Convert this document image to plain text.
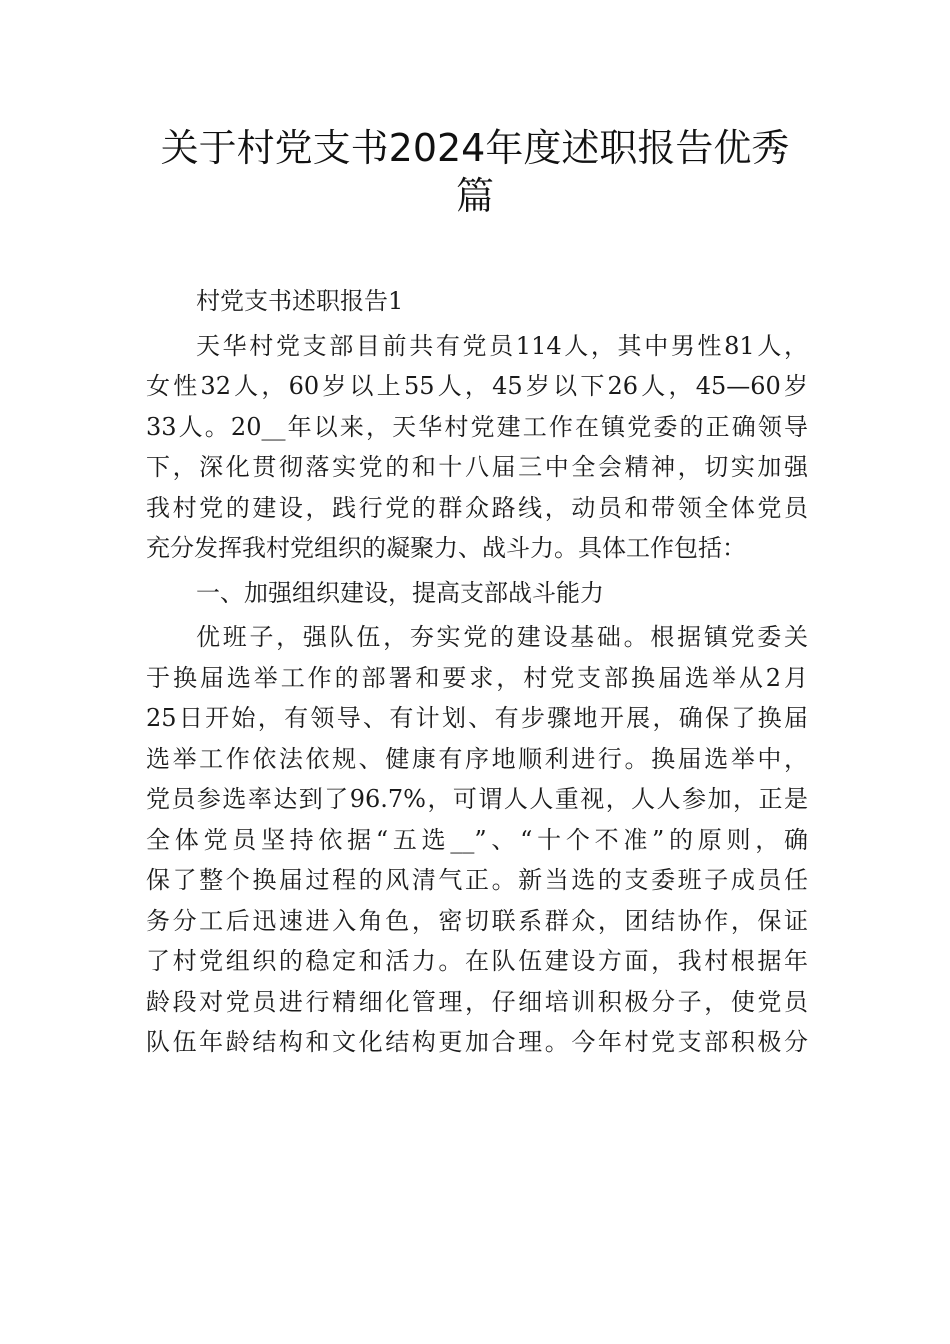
关于村党支书2024年度述职报告优秀
篇
村党支书述职报告1
天华村党支部目前共有党员114人，其中男性81人，
女性32人，60岁以上55人，45岁以下26人，45—60岁
33人。20__年以来，天华村党建工作在镇党委的正确领导
下，深化贯彻落实党的和十八届三中全会精神，切实加强
我村党的建设，践行党的群众路线，动员和带领全体党员
充分发挥我村党组织的凝聚力、战斗力。具体工作包括：
一、加强组织建设，提高支部战斗能力
优班子，强队伍，夯实党的建设基础。根据镇党委关
于换届选举工作的部署和要求，村党支部换届选举从2月
25日开始，有领导、有计划、有步骤地开展，确保了换届
选举工作依法依规、健康有序地顺利进行。换届选举中，
党员参选率达到了96.7%，可谓人人重视，人人参加，正是
全体党员坚持依据“五选__”、“十个不准”的原则，确
保了整个换届过程的风清气正。新当选的支委班子成员任
务分工后迅速进入角色，密切联系群众，团结协作，保证
了村党组织的稳定和活力。在队伍建设方面，我村根据年
龄段对党员进行精细化管理，仔细培训积极分子，使党员
队伍年龄结构和文化结构更加合理。今年村党支部积极分
